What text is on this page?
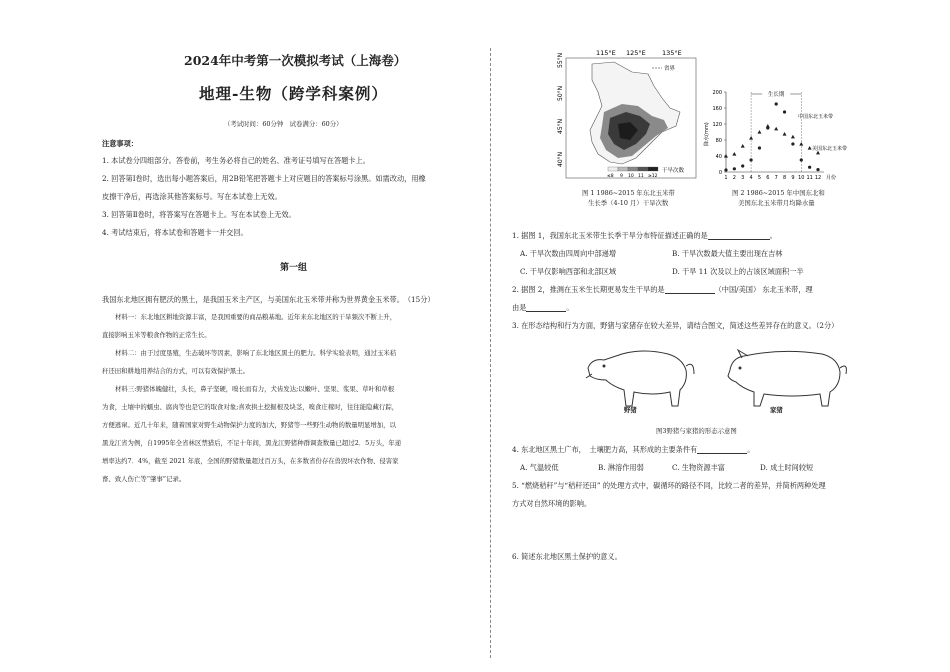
2024年中考第一次模拟考试（上海卷）
地理-生物（跨学科案例）
（考试时间：60分钟　试卷满分：60分）
注意事项：
1. 本试卷分四组部分。答卷前，考生务必将自己的姓名、准考证号填写在答题卡上。
2. 回答第Ⅰ卷时，选出每小题答案后，用2B铅笔把答题卡上对应题目的答案标号涂黑。如需改动，用橡
皮擦干净后，再选涂其他答案标号。写在本试卷上无效。
3. 回答第Ⅱ卷时，将答案写在答题卡上。写在本试卷上无效。
4. 考试结束后，将本试卷和答题卡一并交回。
第一组
我国东北地区拥有肥沃的黑土，是我国玉米主产区，与美国东北玉米带并称为世界黄金玉米带。　（15分）
材料一：东北地区耕地资源丰富，是我国重要的商品粮基地。近年来东北地区的干旱频次不断上升，
直接影响玉米等粮食作物的正常生长。
材料二：由于过度垦殖，生态破坏等因素，影响了东北地区黑土的肥力。科学实验表明，通过玉米秸
秆还田和耕地用养结合的方式，可以有效保护黑土。
材料三:野猪体魄健壮，头长，鼻子坚硬，嗅长而有力，犬齿发达;以嫩叶、坚果、浆果、草叶和草根
为食，土壤中的蠕虫、腐肉等也是它的取食对象;喜欢拱土挖掘根及块茎，嗅食庄稼时，往往能隐藏行踪，
方便逃窜。近几十年来，随着国家对野生动物保护力度的加大，野猪等一些野生动物的数量明显增加，以
黑龙江省为例，自1995年全省林区禁猎后，不足十年间，黑龙江野猪种群调查数量已超过2．5万头，年递
增率达约7．4%，截至 2021 年底，全国的野猪数量超过百万头，在多数省份存在兽毁坏农作物、侵害家
畜、致人伤亡等“肇事”记录。
115°E 125°E 135°E
55°N
50°N
45°N
40°N
省界
≤8 9 10 11 ≥12
干旱次数
图 1 1986~2015 年东北玉米带
生长季（4-10 月）干旱次数
0
40
80
120
160
200
1 2 3 4 5 6 7 8 9 10 11 12 月份
降水(mm)
生长期
中国东北玉米带
美国东北玉米带
图 2 1986~2015 年中国东北和
美国东北玉米带月均降水量
1. 据图 1，我国东北玉米带生长季干旱分布特征描述正确的是	。
A. 干旱次数由四周向中部递增	B. 干旱次数最大值主要出现在吉林
C. 干旱仅影响西部和北部区域	D. 干旱 11 次及以上的占该区域面积一半
2. 据图 2，推测在玉米生长期更易发生干旱的是	（中国/美国） 东北玉米带，理
由是	。
3. 在形态结构和行为方面，野猪与家猪存在较大差异，请结合图文，简述这些差异存在的意义。（2分）
野猪	家猪
图3野猪与家猪的形态示意图
4. 东北地区黑土广布，　土壤肥力高，其形成的主要条件有	。
A. 气温较低	B. 淋溶作用弱	C. 生物资源丰富	D. 成土时间较短
5. “燃烧秸秆”与“秸秆还田” 的处理方式中，碳循环的路径不同，比较二者的差异，并简析两种处理
方式对自然环境的影响。
6. 简述东北地区黑土保护的意义。
